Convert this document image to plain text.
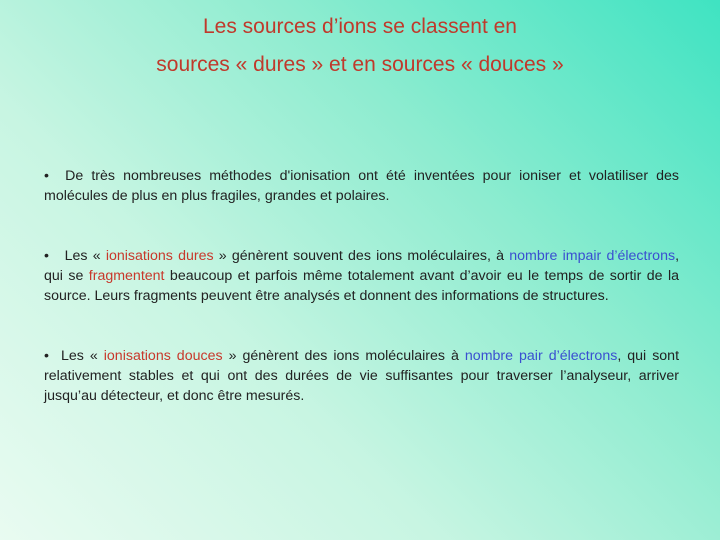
Les sources d’ions se classent en
sources « dures » et en sources « douces »

• De très nombreuses méthodes d'ionisation ont été inventées pour ioniser et volatiliser des molécules de plus en plus fragiles, grandes et polaires.

• Les « ionisations dures » génèrent souvent des ions moléculaires, à nombre impair d’électrons, qui se fragmentent beaucoup et parfois même totalement avant d’avoir eu le temps de sortir de la source. Leurs fragments peuvent être analysés et donnent des informations de structures.

• Les « ionisations douces » génèrent des ions moléculaires à nombre pair d’électrons, qui sont relativement stables et qui ont des durées de vie suffisantes pour traverser l’analyseur, arriver jusqu’au détecteur, et donc être mesurés.
